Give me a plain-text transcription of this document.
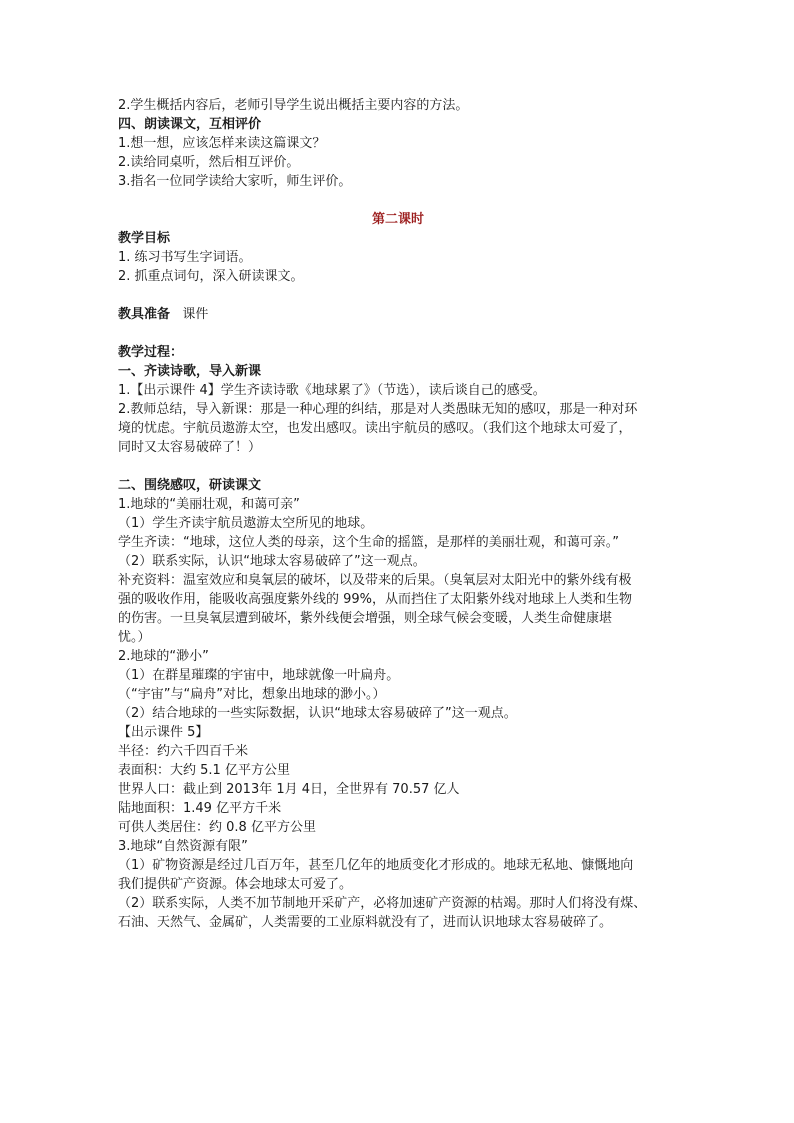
2.学生概括内容后，老师引导学生说出概括主要内容的方法。

四、朗读课文，互相评价

1.想一想，应该怎样来读这篇课文？

2.读给同桌听，然后相互评价。

3.指名一位同学读给大家听，师生评价。

第二课时

教学目标

1. 练习书写生字词语。

2. 抓重点词句，深入研读课文。

教具准备 课件

教学过程：

一、齐读诗歌，导入新课

1.【出示课件 4】学生齐读诗歌《地球累了》（节选），读后谈自己的感受。

2.教师总结，导入新课：那是一种心理的纠结，那是对人类愚昧无知的感叹，那是一种对环

境的忧虑。宇航员遨游太空，也发出感叹。读出宇航员的感叹。（我们这个地球太可爱了，

同时又太容易破碎了！）

二、围绕感叹，研读课文

1.地球的“美丽壮观，和蔼可亲”

（1）学生齐读宇航员遨游太空所见的地球。

学生齐读：“地球，这位人类的母亲，这个生命的摇篮，是那样的美丽壮观，和蔼可亲。”

（2）联系实际，认识“地球太容易破碎了”这一观点。

补充资料：温室效应和臭氧层的破坏，以及带来的后果。（臭氧层对太阳光中的紫外线有极

强的吸收作用，能吸收高强度紫外线的 99%，从而挡住了太阳紫外线对地球上人类和生物

的伤害。一旦臭氧层遭到破坏，紫外线便会增强，则全球气候会变暖，人类生命健康堪

忧。）

2.地球的“渺小”

（1）在群星璀璨的宇宙中，地球就像一叶扁舟。

（“宇宙”与“扁舟”对比，想象出地球的渺小。）

（2）结合地球的一些实际数据，认识“地球太容易破碎了”这一观点。

【出示课件 5】

半径：约六千四百千米

表面积：大约 5.1 亿平方公里

世界人口：截止到 2013年 1月 4日，全世界有 70.57 亿人

陆地面积：1.49 亿平方千米

可供人类居住：约 0.8 亿平方公里

3.地球“自然资源有限”

（1）矿物资源是经过几百万年，甚至几亿年的地质变化才形成的。地球无私地、慷慨地向

我们提供矿产资源。体会地球太可爱了。

（2）联系实际，人类不加节制地开采矿产，必将加速矿产资源的枯竭。那时人们将没有煤、

石油、天然气、金属矿，人类需要的工业原料就没有了，进而认识地球太容易破碎了。
